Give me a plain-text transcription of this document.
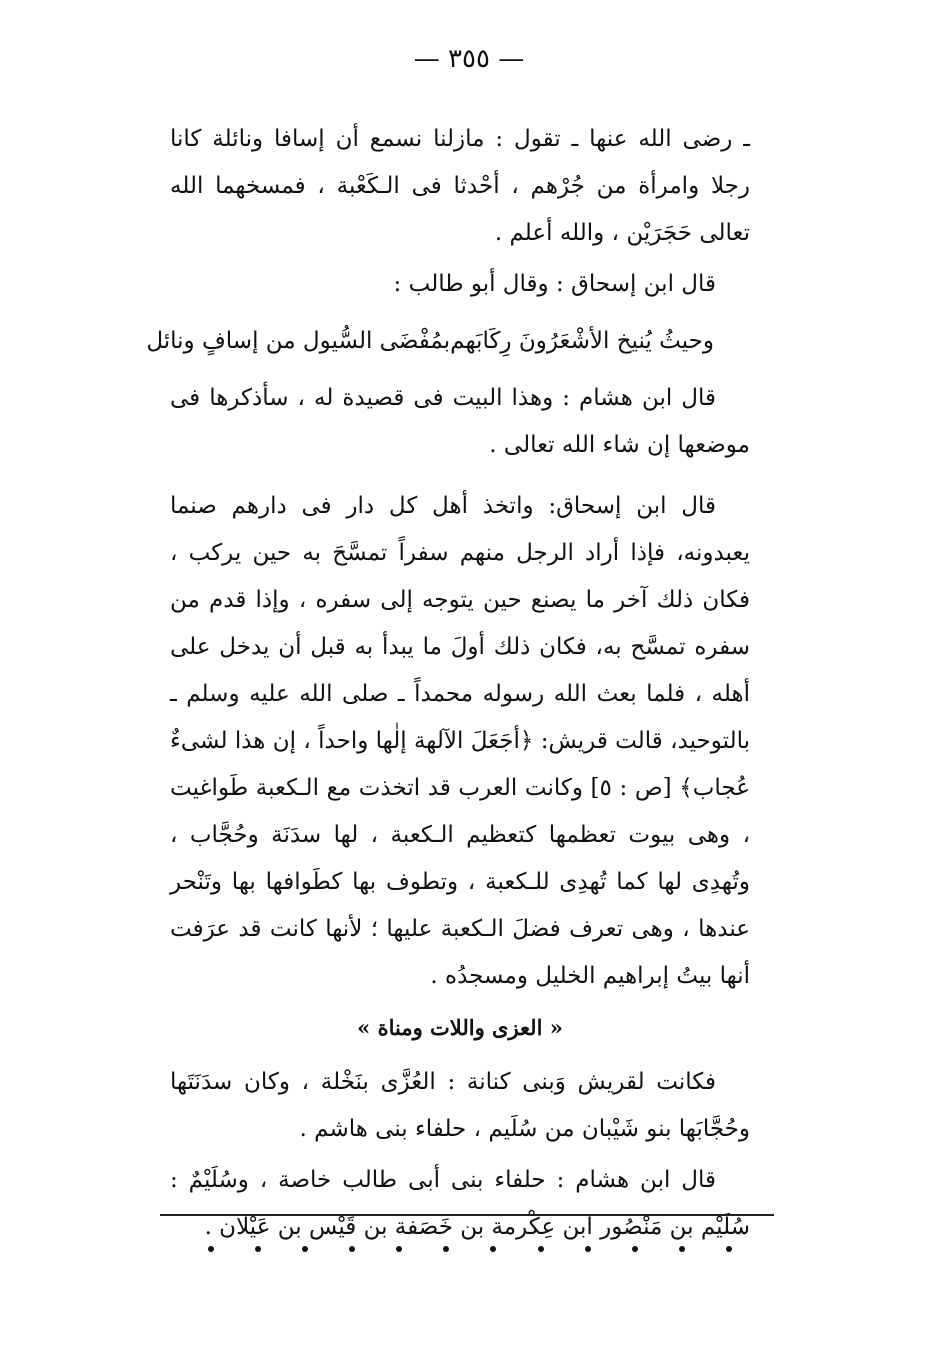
— ٣٥٥ —

ـ رضى الله عنها ـ تقول : مازلنا نسمع أن إسافا ونائلة كانا رجلا وامرأة من جُرْهم ، أحْدثا فى الـكَعْبة ، فمسخهما الله تعالى حَجَرَيْن ، والله أعلم .

قال ابن إسحاق : وقال أبو طالب :

وحيثُ يُنيخ الأشْعَرُونَ رِكَابَهم
بمُفْضَى السُّيول من إسافٍ ونائل

قال ابن هشام : وهذا البيت فى قصيدة له ، سأذكرها فى موضعها إن شاء الله تعالى .

قال ابن إسحاق: واتخذ أهل كل دار فى دارهم صنما يعبدونه، فإذا أراد الرجل منهم سفراً تمسَّحَ به حين يركب ، فكان ذلك آخر ما يصنع حين يتوجه إلى سفره ، وإذا قدم من سفره تمسَّح به، فكان ذلك أولَ ما يبدأ به قبل أن يدخل على أهله ، فلما بعث الله رسوله محمداً ـ صلى الله عليه وسلم ـ بالتوحيد، قالت قريش: ﴿أجَعَلَ الآلهة إلٰها واحداً ، إن هذا لشىءٌ عُجاب﴾ [ص : ٥] وكانت العرب قد اتخذت مع الـكعبة طَواغيت ، وهى بيوت تعظمها كتعظيم الـكعبة ، لها سدَنَة وحُجَّاب ، وتُهدِى لها كما تُهدِى للـكعبة ، وتطوف بها كطَوافها بها وتَنْحر عندها ، وهى تعرف فضلَ الـكعبة عليها ؛ لأنها كانت قد عرَفت أنها بيتُ إبراهيم الخليل ومسجدُه .

« العزى واللات ومناة »

فكانت لقريش وَبنى كنانة : العُزَّى بنَخْلة ، وكان سدَنَتَها وحُجَّابَها بنو شَيْبان من سُلَيم ، حلفاء بنى هاشم .

قال ابن هشام : حلفاء بنى أبى طالب خاصة ، وسُلَيْمٌ : سُلَيْم بن مَنْصُور ابن عِكْرمة بن خَصَفة بن قَيْس بن عَيْلان .
